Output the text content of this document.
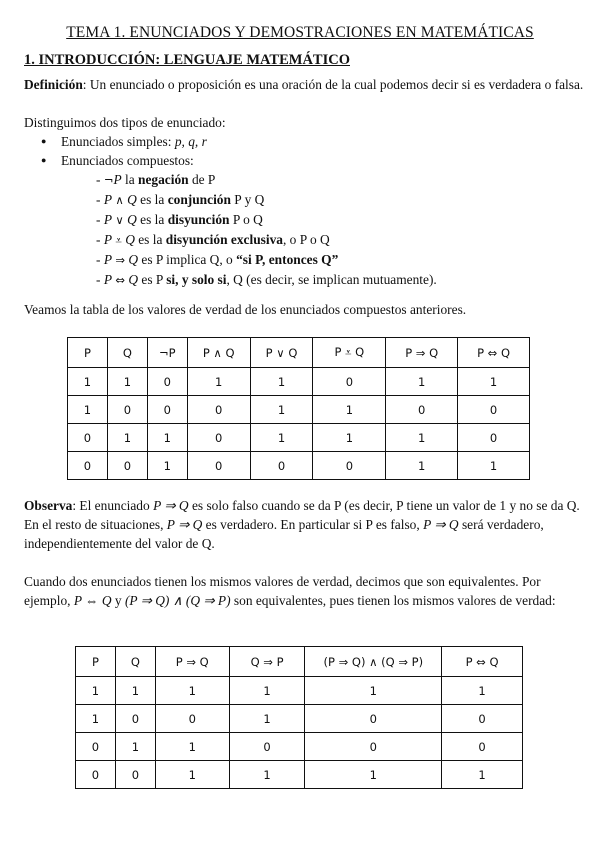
TEMA 1. ENUNCIADOS Y DEMOSTRACIONES EN MATEMÁTICAS
1. INTRODUCCIÓN: LENGUAJE MATEMÁTICO

Definición: Un enunciado o proposición es una oración de la cual podemos decir si es verdadera o falsa.

Distinguimos dos tipos de enunciado:

● Enunciados simples: p, q, r
● Enunciados compuestos:
- ¬P la negación de P
- P ∧ Q es la conjunción P y Q
- P ∨ Q es la disyunción P o Q
- P ⩡ Q es la disyunción exclusiva, o P o Q
- P ⇒ Q es P implica Q, o “si P, entonces Q”
- P ⇔ Q es P si, y solo si, Q (es decir, se implican mutuamente).

Veamos la tabla de los valores de verdad de los enunciados compuestos anteriores.

P	Q	¬P	P ∧ Q	P ∨ Q	P ⩡ Q	P ⇒ Q	P ⇔ Q
1	1	0	1	1	0	1	1
1	0	0	0	1	1	0	0
0	1	1	0	1	1	1	0
0	0	1	0	0	0	1	1

Observa: El enunciado P ⇒ Q es solo falso cuando se da P (es decir, P tiene un valor de 1 y no se da Q. En el resto de situaciones, P ⇒ Q es verdadero. En particular si P es falso, P ⇒ Q será verdadero, independientemente del valor de Q.

Cuando dos enunciados tienen los mismos valores de verdad, decimos que son equivalentes. Por ejemplo, P ⇔ Q y (P ⇒ Q) ∧ (Q ⇒ P) son equivalentes, pues tienen los mismos valores de verdad:

P	Q	P ⇒ Q	Q ⇒ P	(P ⇒ Q) ∧ (Q ⇒ P)	P ⇔ Q
1	1	1	1	1	1
1	0	0	1	0	0
0	1	1	0	0	0
0	0	1	1	1	1
